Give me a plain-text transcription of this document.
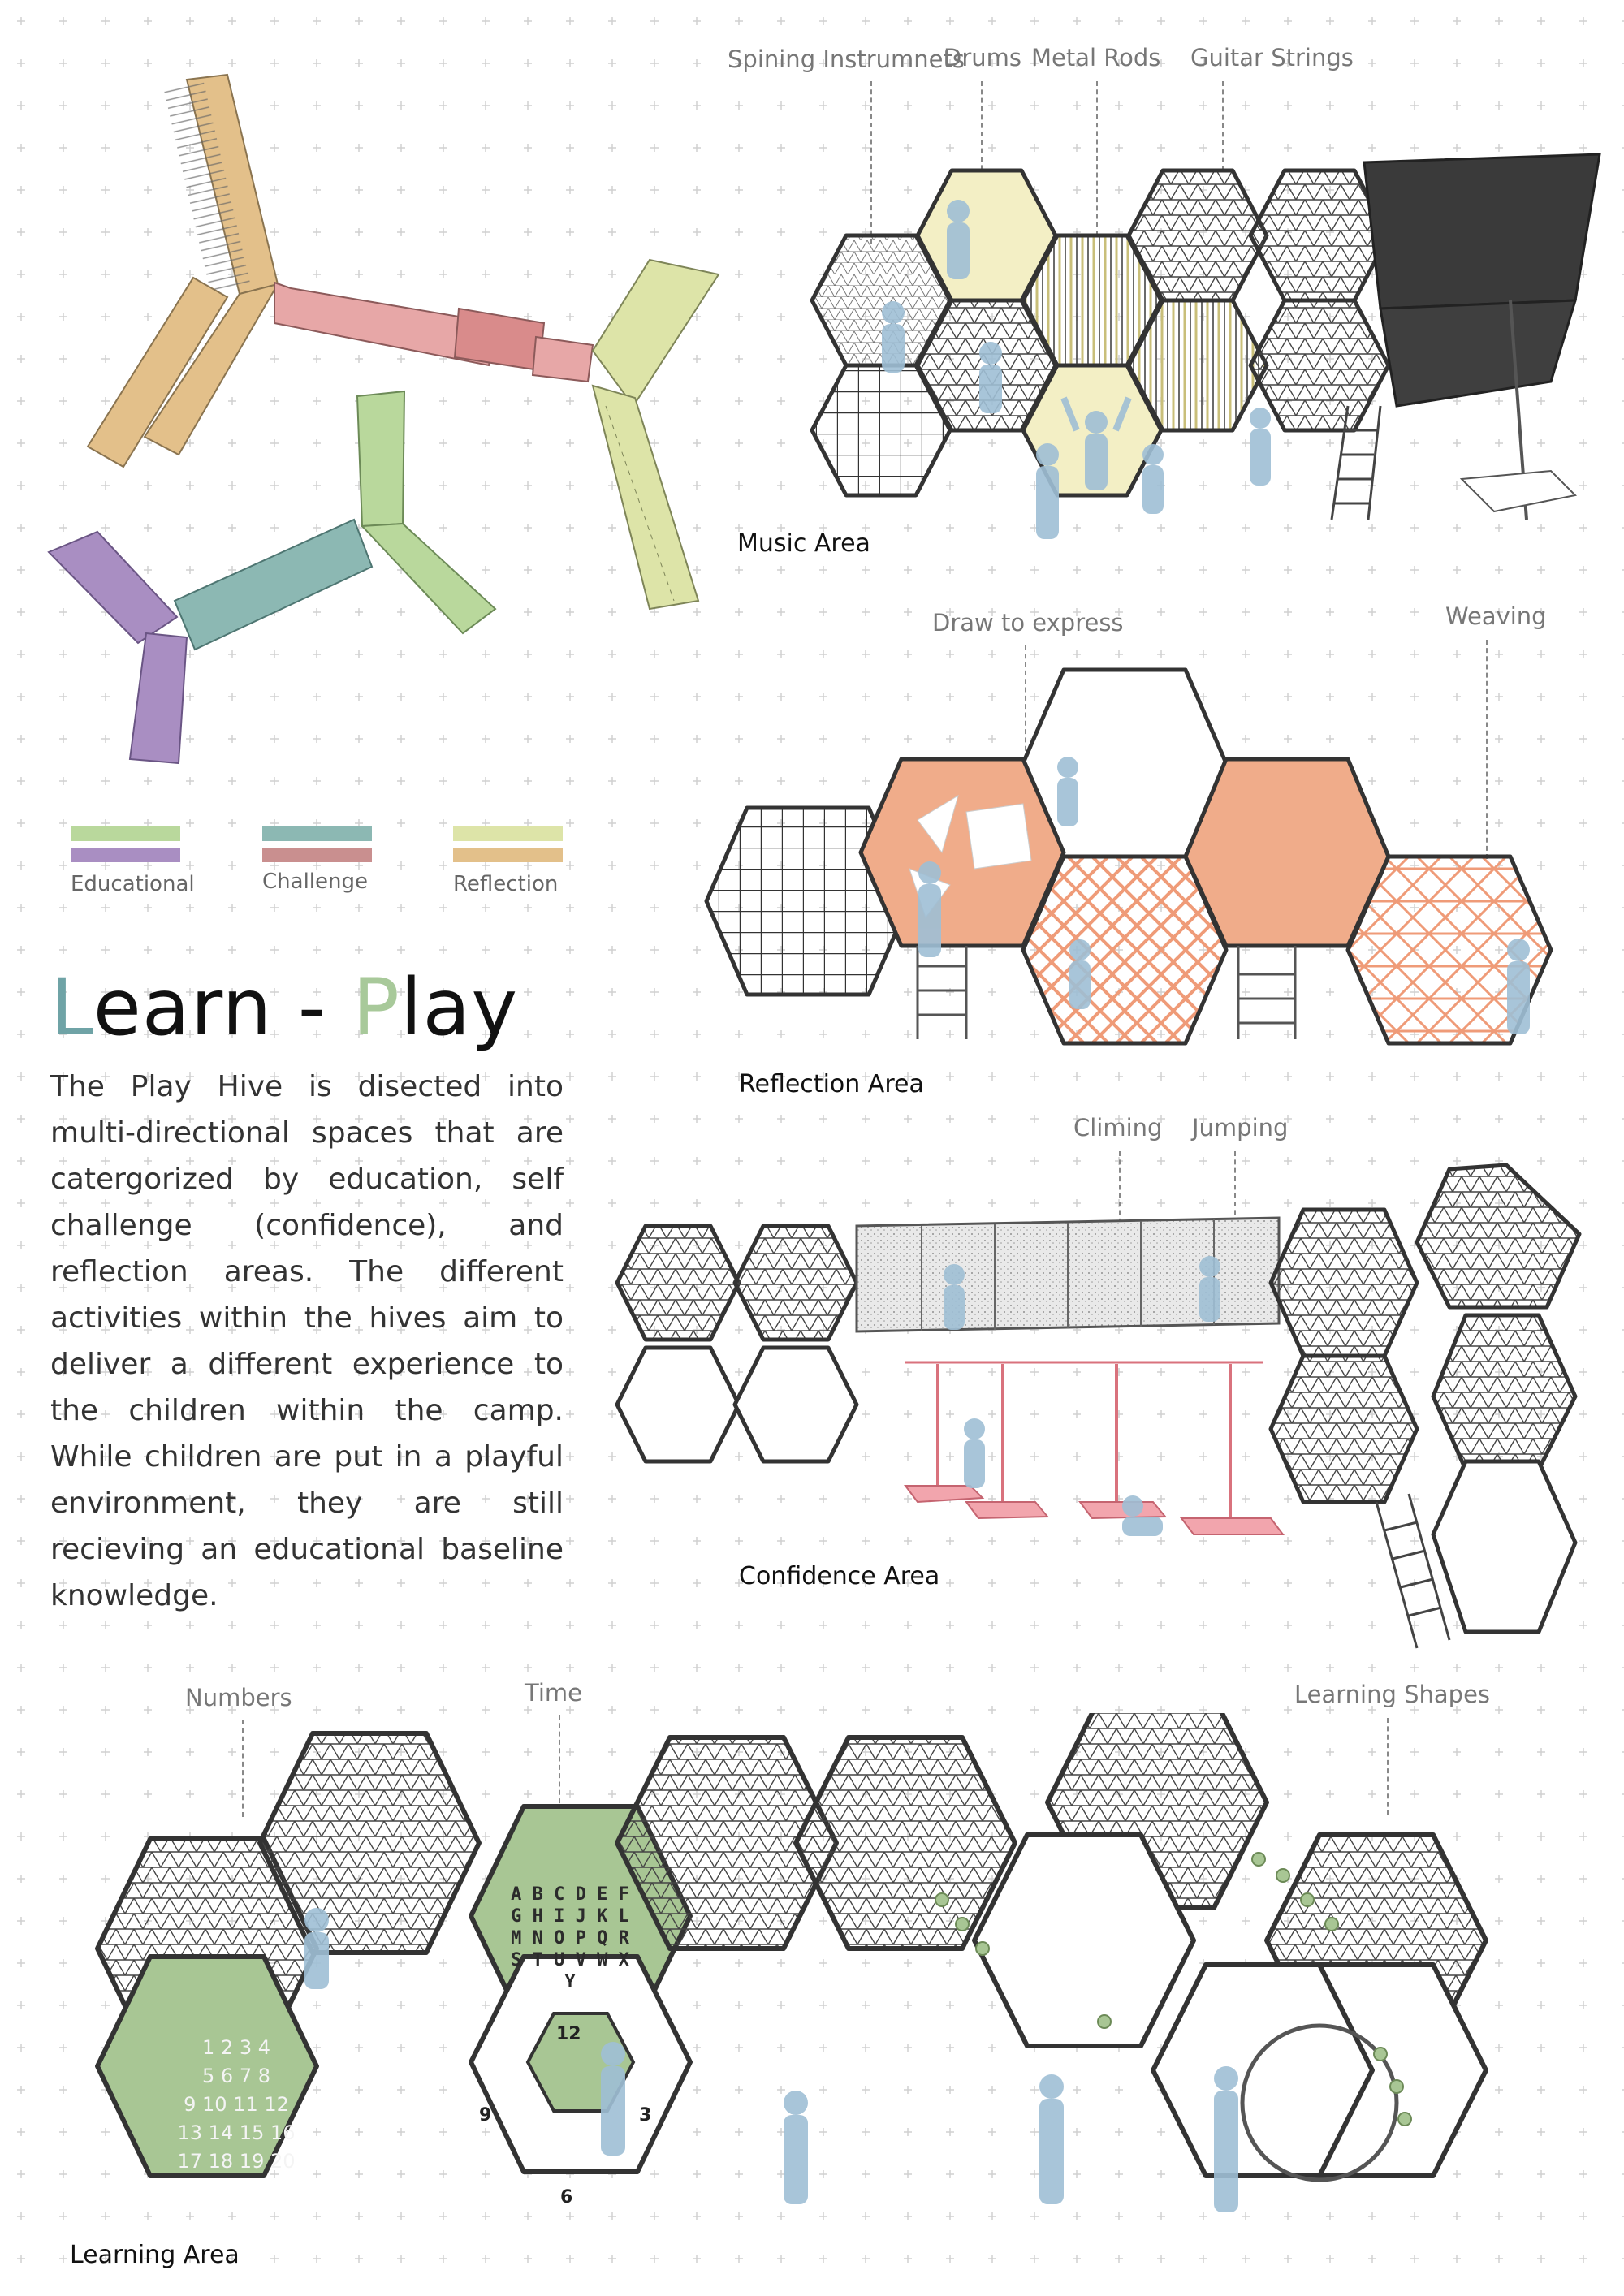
Educational	Challenge	Reflection
Learn - Play
The Play Hive is disected into multi-directional spaces that are catergorized by education, self challenge (confidence), and reflection areas. The different activities within the hives aim to deliver a different experience to the children within the camp. While children are put in a playful environment, they are still recieving an educational baseline knowledge.
Spining Instrumnets
Drums Metal Rods Guitar Strings
Music Area
Draw to express	Weaving
Reflection Area
Climing Jumping
Confidence Area
Numbers	Time	Learning Shapes
A B C D E F
G H I J K L
M N O P Q R
S T U V W X
Y
1 2 3 4
5 6 7 8
9 10 11 12
13 14 15 16
17 18 19 20
12
3
6
9
Learning Area
